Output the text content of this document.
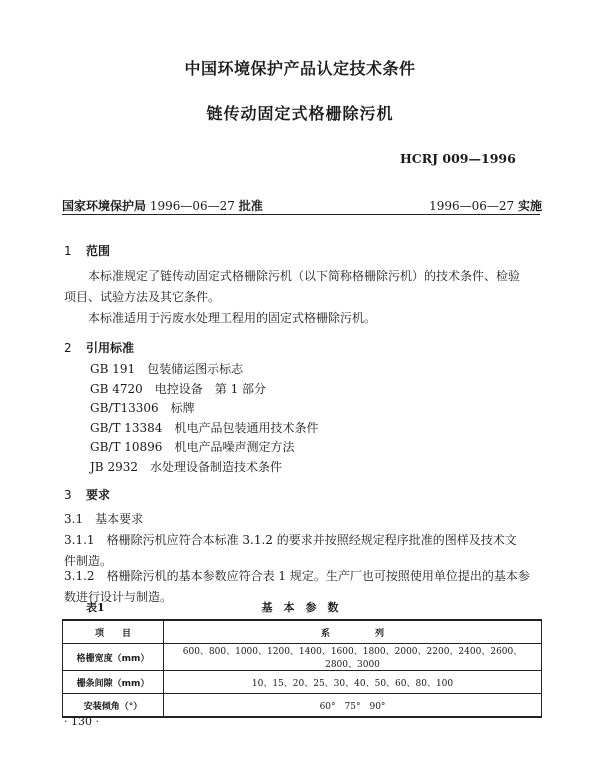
中国环境保护产品认定技术条件
链传动固定式格栅除污机
HCRJ 009—1996
国家环境保护局 1996—06—27 批准	1996—06—27 实施
1 范围
本标准规定了链传动固定式格栅除污机（以下简称格栅除污机）的技术条件、检验
项目、试验方法及其它条件。
本标准适用于污废水处理工程用的固定式格栅除污机。
2 引用标准
GB 191　 包装储运图示标志
GB 4720　 电控设备　第 1 部分
GB/T13306　 标牌
GB/T 13384　 机电产品包装通用技术条件
GB/T 10896　 机电产品噪声测定方法
JB 2932　 水处理设备制造技术条件
3 要求
3.1　 基本要求
3.1.1　 格栅除污机应符合本标准 3.1.2 的要求并按照经规定程序批准的图样及技术文
件制造。
3.1.2　 格栅除污机的基本参数应符合表 1 规定。生产厂也可按照使用单位提出的基本参
数进行设计与制造。
表1	基　本　参　数
项　　目	系　　　　　列
格栅宽度（mm）	600、800、1000、1200、1400、1600、1800、2000、2200、2400、2600、2800、3000
栅条间隙（mm）	10、15、20、25、30、40、50、60、80、100
安装倾角（°）	60°　75°　90°
· 130 ·
